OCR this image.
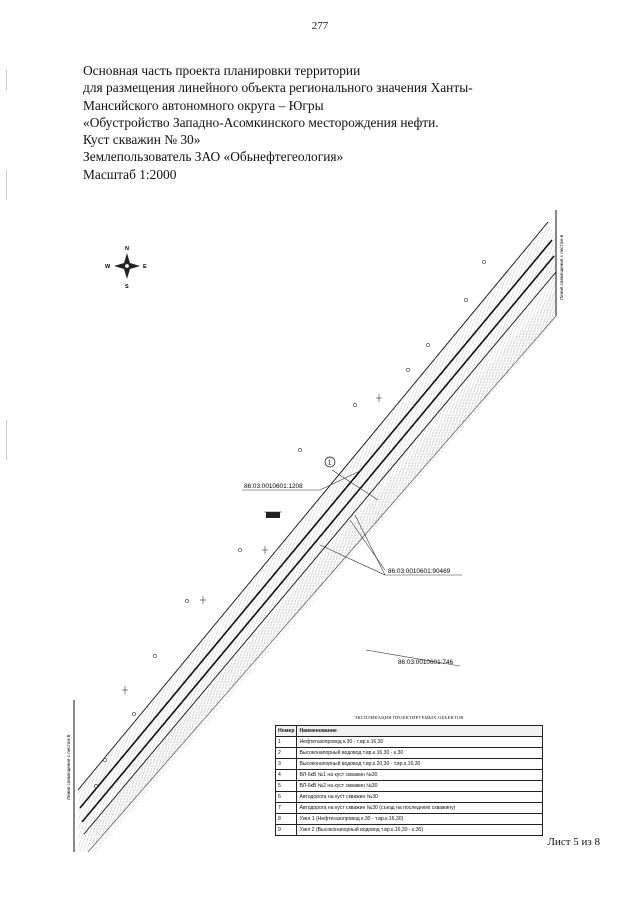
277
Основная часть проекта планировки территории
для размещения линейного объекта регионального значения Ханты-
Мансийского автономного округа – Югры
«Обустройство Западно-Асомкинского месторождения нефти.
Куст скважин № 30»
Землепользователь ЗАО «Обьнефтегеология»
Масштаб 1:2000
Линия совмещения с листом 6
Линия совмещения с листом 6
N
S
W	E
1
86:03:0010601:1208
86:03:0010601:90469
86:03:0010601:746
ЭКСПЛИКАЦИЯ ПРОЕКТИРУЕМЫХ ОБЪЕКТОВ
Номер	Наименование
1	Нефтегазопровод к.30 - т.вр.к.16,30
2	Высоконапорный водовод т.вр.к.16,30 - к.30
3	Высоконапорный водовод т.вр.к.20,30 - т.вр.к.16,30
4	ВЛ-6кВ №1 на куст скважин №30
5	ВЛ-6кВ №2 на куст скважин №30
6	Автодорога на куст скважин №30
7	Автодорога на куст скважин №30 (съезд на последнюю скважину)
8	Узел 1 (Нефтегазопровод к.30 - т.вр.к.16,30)
9	Узел 2 (Высоконапорный водовод т.вр.к.16,30 - к.30)
Лист 5 из 8
